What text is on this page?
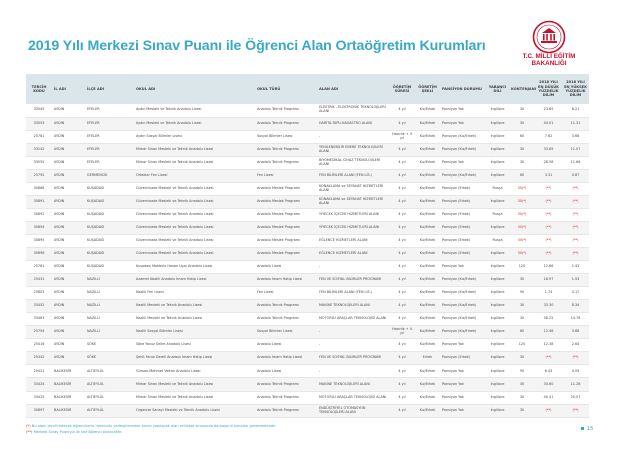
2019 Yılı Merkezi Sınav Puanı ile Öğrenci Alan Ortaöğretim Kurumları
T.C. MİLLÎ EĞİTİM
BAKANLIĞI
TERCİH KODU	İL ADI	İLÇE ADI	OKUL ADI	OKUL TÜRÜ	ALAN ADI	ÖĞRETİM SÜRESİ	ÖĞRETİM ŞEKLİ	PANSİYON DURUMU	YABANCI DİLİ	KONTENJANI	2018 YILI EN DÜŞÜK YÜZDELİK DİLİM	2018 YILI EN YÜKSEK YÜZDELİK DİLİM
33045	AYDIN	EFELER	Aydın Mesleki ve Teknik Anadolu Lisesi	Anadolu Teknik Programı	ELEKTRİK - ELEKTRONİK TEKNOLOJİLERİ ALANI	4 yıl	Kız/Erkek	Pansiyon Yok	İngilizce	30	23.65	8.21
33053	AYDIN	EFELER	Aydın Mesleki ve Teknik Anadolu Lisesi	Anadolu Teknik Programı	HARİTA-TAPU-KADASTRO ALANI	4 yıl	Kız/Erkek	Pansiyon Yok	İngilizce	30	44.01	11.31
25781	AYDIN	EFELER	Aydın Sosyal Bilimler Lisesi	Sosyal Bilimler Lisesi	-	Hazırlık + 4 yıl	Kız/Erkek	Pansiyon (Kız/Erkek)	İngilizce	60	7.62	3.66
33142	AYDIN	EFELER	Mimar Sinan Mesleki ve Teknik Anadolu Lisesi	Anadolu Teknik Programı	YENİLENEBİLİR ENERJİ TEKNOLOJİLERİ ALANI	4 yıl	Kız/Erkek	Pansiyon (Kız/Erkek)	İngilizce	30	33.65	11.07
33555	AYDIN	EFELER	Mimar Sinan Mesleki ve Teknik Anadolu Lisesi	Anadolu Teknik Programı	BİYOMEDİKAL CİHAZ TEKNOLOJİLERİ ALANI	4 yıl	Kız/Erkek	Pansiyon Yok	İngilizce	30	28.58	11.66
25792	AYDIN	GERMENCİK	Ortaklar Fen Lisesi	Fen Lisesi	FEN BİLİMLERİ ALANI (FEN LİS.)	4 yıl	Kız/Erkek	Pansiyon (Kız/Erkek)	İngilizce	60	3.31	0.87
30868	AYDIN	KUŞADASI	Güvercinada Mesleki ve Teknik Anadolu Lisesi	Anadolu Meslek Programı	KONAKLAMA ve SEYAHAT HİZMETLERİ ALANI	4 yıl	Kız/Erkek	Pansiyon (Erkek)	Rusça	30(*)	(**)	(**)
30891	AYDIN	KUŞADASI	Güvercinada Mesleki ve Teknik Anadolu Lisesi	Anadolu Meslek Programı	KONAKLAMA ve SEYAHAT HİZMETLERİ ALANI	4 yıl	Kız/Erkek	Pansiyon (Erkek)	İngilizce	30(*)	(**)	(**)
30892	AYDIN	KUŞADASI	Güvercinada Mesleki ve Teknik Anadolu Lisesi	Anadolu Meslek Programı	YİYECEK İÇECEK HİZMETLERİ ALANI	4 yıl	Kız/Erkek	Pansiyon (Erkek)	Rusça	30(*)	(**)	(**)
30894	AYDIN	KUŞADASI	Güvercinada Mesleki ve Teknik Anadolu Lisesi	Anadolu Meslek Programı	YİYECEK İÇECEK HİZMETLERİ ALANI	4 yıl	Kız/Erkek	Pansiyon (Erkek)	İngilizce	30(*)	(**)	(**)
30895	AYDIN	KUŞADASI	Güvercinada Mesleki ve Teknik Anadolu Lisesi	Anadolu Meslek Programı	EĞLENCE HİZMETLERİ ALANI	4 yıl	Kız/Erkek	Pansiyon (Erkek)	Rusça	30(*)	(**)	(**)
30896	AYDIN	KUŞADASI	Güvercinada Mesleki ve Teknik Anadolu Lisesi	Anadolu Meslek Programı	EĞLENCE HİZMETLERİ ALANI	4 yıl	Kız/Erkek	Pansiyon (Erkek)	İngilizce	30(*)	(**)	(**)
25761	AYDIN	KUŞADASI	Kuşadası Makbule Hasan Uçar Anadolu Lisesi	Anadolu Lisesi	-	4 yıl	Kız/Erkek	Pansiyon Yok	İngilizce	120	12.66	1.43
25431	AYDIN	NAZİLLİ	Azamet Nazilli Anadolu İmam Hatip Lisesi	Anadolu İmam Hatip Lisesi	FEN VE SOSYAL BİLİMLER PROGRAMI	4 yıl	Kız/Erkek	Pansiyon (Kız/Erkek)	İngilizce	30	18.97	1.53
25803	AYDIN	NAZİLLİ	Nazilli Fen Lisesi	Fen Lisesi	FEN BİLİMLERİ ALANI (FEN LİS.)	4 yıl	Kız/Erkek	Pansiyon (Kız/Erkek)	İngilizce	90	1.74	0.17
33452	AYDIN	NAZİLLİ	Nazilli Mesleki ve Teknik Anadolu Lisesi	Anadolu Teknik Programı	MAKİNE TEKNOLOJİLERİ ALANI	4 yıl	Kız/Erkek	Pansiyon (Kız/Erkek)	İngilizce	30	33.30	8.34
33463	AYDIN	NAZİLLİ	Nazilli Mesleki ve Teknik Anadolu Lisesi	Anadolu Teknik Programı	MOTORLU ARAÇLAR TEKNOLOJİSİ ALANI	4 yıl	Kız/Erkek	Pansiyon (Kız/Erkek)	İngilizce	30	58.25	14.78
25794	AYDIN	NAZİLLİ	Nazilli Sosyal Bilimler Lisesi	Sosyal Bilimler Lisesi	-	Hazırlık + 4 yıl	Kız/Erkek	Pansiyon (Kız/Erkek)	İngilizce	60	12.48	3.68
25416	AYDIN	SÖKE	Söke Yavuz Selim Anadolu Lisesi	Anadolu Lisesi	-	4 yıl	Kız/Erkek	Pansiyon Yok	İngilizce	120	12.38	2.64
25342	AYDIN	SÖKE	Şehit Faruk Dereli Anadolu İmam Hatip Lisesi	Anadolu İmam Hatip Lisesi	FEN VE SOSYAL BİLİMLER PROGRAMI	4 yıl	Erkek	Pansiyon (Erkek)	İngilizce	30	(**)	(**)
25421	BALIKESİR	ALTIEYLÜL	Gürsan-Mehmet Voltan Anadolu Lisesi	Anadolu Lisesi	-	4 yıl	Kız/Erkek	Pansiyon Yok	İngilizce	90	6.43	4.05
33424	BALIKESİR	ALTIEYLÜL	Mimar Sinan Mesleki ve Teknik Anadolu Lisesi	Anadolu Teknik Programı	MAKİNE TEKNOLOJİLERİ ALANI	4 yıl	Kız/Erkek	Pansiyon Yok	İngilizce	30	34.60	11.28
33425	BALIKESİR	ALTIEYLÜL	Mimar Sinan Mesleki ve Teknik Anadolu Lisesi	Anadolu Teknik Programı	MOTORLU ARAÇLAR TEKNOLOJİSİ ALANI	4 yıl	Kız/Erkek	Pansiyon Yok	İngilizce	30	40.31	20.07
30897	BALIKESİR	ALTIEYLÜL	Organize Sanayi Mesleki ve Teknik Anadolu Lisesi	Anadolu Teknik Programı	ENDÜSTRİYEL OTOMASYON TEKNOLOJİLERİ ALANI	4 yıl	Kız/Erkek	Pansiyon Yok	İngilizce	30	(**)	(**)
(*) Bu alanı tercih edecek öğrencilerin mevcudu yerleştirmeden sonra yapılacak olan mülakat sınavında da başarılı olmaları gerekmektedir.
(**) Merkezi Sınav Puanıyla ilk kez öğrenci alınacaktır.	15
